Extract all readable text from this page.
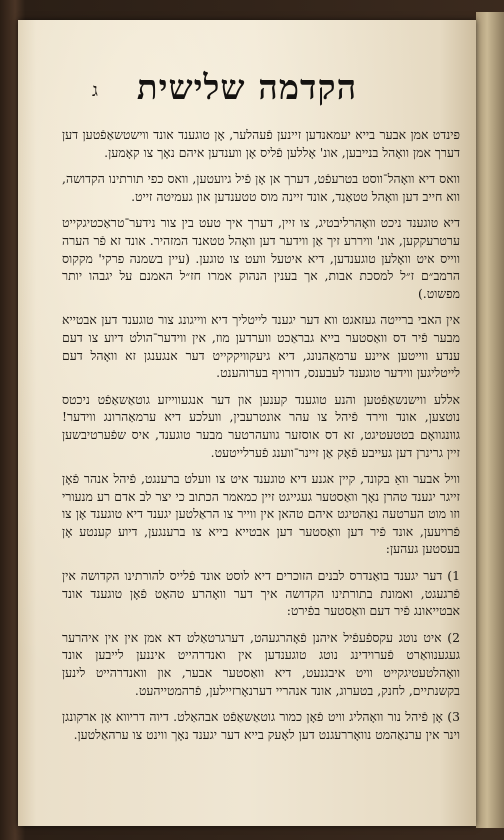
ג	הקדמה שלישית

פינדט אמן אבער בייא יעמאנדען זיינען פֿעהלער, אָן טוגענד אונד ווישטשאַפֿטען דען דערך אמן וואָהל בנייבען, אונ' אָללען פֿליס אָן ווענדען איהם נאָך צו קאָמען.

וואס דיא וואָהל־ווסט בטרעפֿט, דערך אן אָן פֿיל גיועטען, וואס כפי תורתינו הקדושה, ווא חייב דען וואָהל טטאַנד, אונד זיינה מוס טטענדען און געמיטה זייט.

דיא טוגענד ניכט וואָהרליבטיג, צו זיין, דערך איך טעט בין צור נידער־טראַכטיגקייט ערטרעקקען, אונ' וויררע זיך אַן ווידער דען וואָהל טטאנד המזהיר. אונד זא פֿר הערה ווייס איט וואָלען טוגענדען, דיא איטעל וועט צו טוגען. (עיין בשמנה פרקי' מקקוס הרמב״ם ז״ל למסכת אבות, אך בענין הנהוק אמרו חז״ל האמנם על יגבהו יותר מפשוט.)

אין האבי ברייטה געזאגט ווא דער יגענד לייטליך דיא ווייגונג צור טוגענד דען אבטייא מבער פֿיר דס וואַסטער בייא גבראַכט ווערדען מוז, אין ווידער־הולט דיוע צו דעם ענדע ווייטען איינע ערמאַהנונג, דיא גיעקוויקקייט דער אנגענגן זא וואָהל דעם לייטליגען ווידער טוגענד לעבענס, דורויף בערוהענט.

אללע ווישנשאַפֿטען והנע טוגענד קענען און דער אנגעווייזע גוטאַשאַפֿט ניכטס נוטצען, אונד ווירד פֿיהל צו עהר אונטרעבין, וועלכע דיא ערמאַהרונג ווידער! גוונגוואָם בטטעטיגט, זא דס אוסזער גוועהרטער מבער טוגענד, איס שפֿערטיבשען זיין גרינרן דען געייבע פֿאָק אַן זיינר־ווענג פֿערלייטעט.

וויל אבער וואַ בקונד, קיין אגנע דיא טוגענד איט צו וועלט ברענגט, פֿיהל אנהר פֿאָן זייגר יגענד טהרן נאָך וואַסטער געגייגט זיין כמאמר הכתוב כי יצר לב אדם רע מנעורי וזו מוט הערטעה נאַהטיגט איהם טהאן אין ווייר צו הראַלטען יגענד דיא טוגענד אָן צו פֿרויעען, אונד פֿיר דען וואַסטער דען אבטייא בייא צו ברענגען, דיוע קענטע אָן בעסטען געהען:

1) דער יגענד בואַנדרס לבנים הזוכרים דיא לוסט אונד פֿלייס להורתינו הקדושה אין פֿרגעגט, ואמונת בתורתינו הקדושה איך דער וואָהרע טהאַט פֿאָן טוגענד אונד אבטייאונג פֿיר דעם וואַסטער בפֿירט:

2) איט נוטג עקספֿעפֿיל איהנן פֿאָהרגעהט, דערגרטאַלט דא אמן אין אין איהרער געגענוואַרט פֿערוידינג נוטג טוגענדען אין ואנדרהייט איננען לייבען אונד וואָהלטעטיגקייט וויט איבגנעט, דיא וואַסטער אבער, און וואנדרהייט לינען בקשנתיים, לחנק, בטערוג, אונד אנהריי דערנאָרזיילען, פֿרהמטייהעט.

3) אָן פֿיהל נור וואָהליג וויט פֿאָן כמור גוטאַשאַפֿט אבהאַלט. דיוה דריווא אָן ארקונגן וינר אין ערנאַהמט נוואָררעגנט דען לאָעק בייא דער יגענד נאָך ווינט צו ערהאַלטען.
